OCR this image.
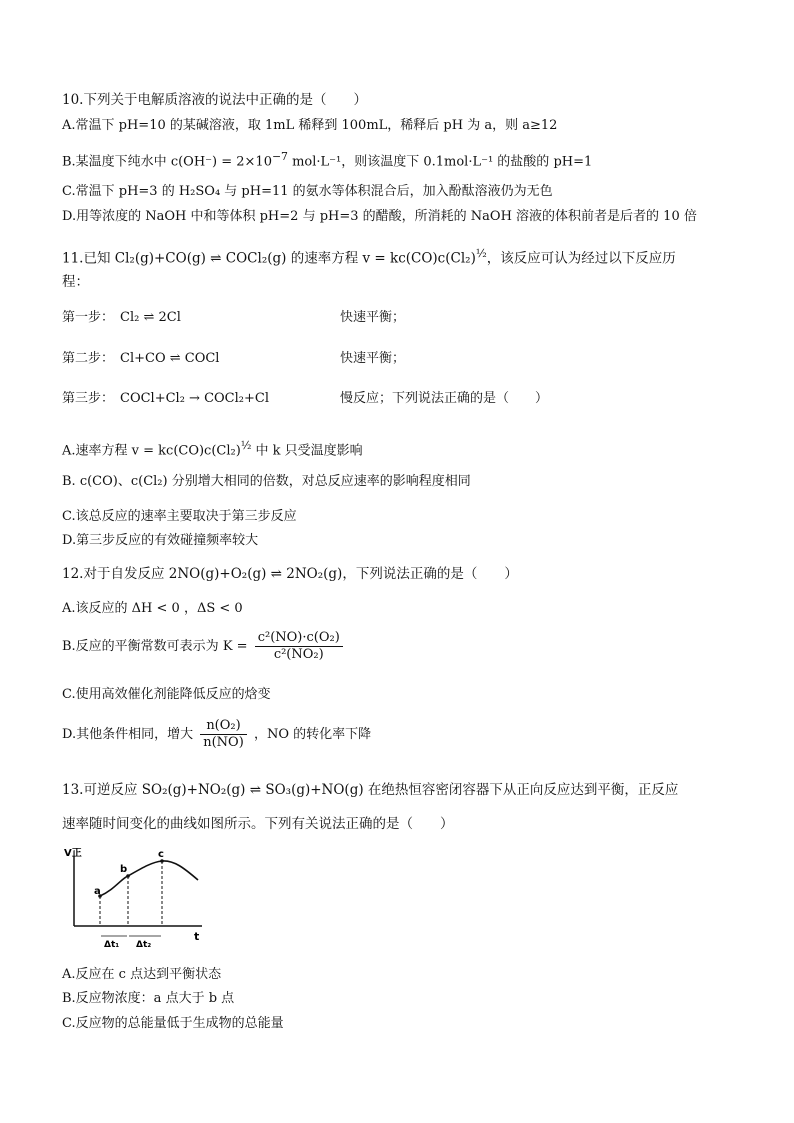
10.下列关于电解质溶液的说法中正确的是（　　）
A.常温下 pH=10 的某碱溶液，取 1mL 稀释到 100mL，稀释后 pH 为 a，则 a≥12
B.某温度下纯水中 $c(OH^-) = 2\times 10^{-7}$ mol·L⁻¹，则该温度下 0.1mol·L⁻¹ 的盐酸的 pH=1
C.常温下 pH=3 的 H₂SO₄ 与 pH=11 的氨水等体积混合后，加入酚酞溶液仍为无色
D.用等浓度的 NaOH 中和等体积 pH=2 与 pH=3 的醋酸，所消耗的 NaOH 溶液的体积前者是后者的 10 倍
11.已知 Cl₂(g)+CO(g) ⇌ COCl₂(g) 的速率方程 $v = kc(CO)c(Cl_2)^{\frac{1}{2}}$，该反应可认为经过以下反应历
程：
第一步： Cl₂ ⇌ 2Cl	快速平衡；
第二步： Cl+CO ⇌ COCl	快速平衡；
第三步： COCl+Cl₂ → COCl₂+Cl	慢反应；下列说法正确的是（　　）
A.速率方程 $v = kc(CO)c(Cl_2)^{\frac{1}{2}}$ 中 k 只受温度影响
B. c(CO)、c(Cl₂) 分别增大相同的倍数，对总反应速率的影响程度相同
C.该总反应的速率主要取决于第三步反应
D.第三步反应的有效碰撞频率较大
12.对于自发反应 2NO(g)+O₂(g) ⇌ 2NO₂(g)，下列说法正确的是（　　）
A.该反应的 ΔH < 0 ，ΔS < 0
B.反应的平衡常数可表示为 $K = \frac{\text{c²(NO)·c(O₂)}}{\text{c²(NO₂)}}$
C.使用高效催化剂能降低反应的焓变
D.其他条件相同，增大 $\frac{\text{n(O₂)}}{n(NO)}$ ，NO 的转化率下降
13.可逆反应 SO₂(g)+NO₂(g) ⇌ SO₃(g)+NO(g) 在绝热恒容密闭容器下从正向反应达到平衡，正反应
速率随时间变化的曲线如图所示。下列有关说法正确的是（　　）
V正
t
a
b
c
Δt₁ Δt₂
A.反应在 c 点达到平衡状态
B.反应物浓度：a 点大于 b 点
C.反应物的总能量低于生成物的总能量
